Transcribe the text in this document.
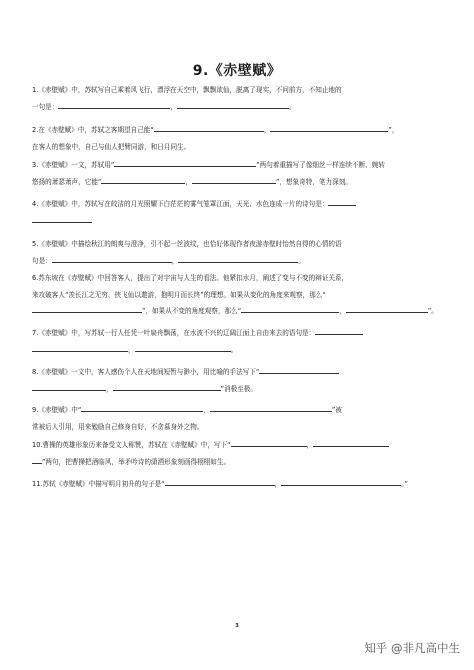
9.《赤壁赋》
1.《赤壁赋》中，苏轼写自己乘着风飞行，漂浮在天空中，飘飘欲仙，脱离了现实，不问前方，不知止地的
一句是：	，	。
2.在《赤壁赋》中，苏轼之客期望自己能“	，	”，
在客人的想象中，自己与仙人把臂同游，和日月同生。
3.《赤壁赋》一文，苏轼用“	”两句着重描写了像细丝一样连续不断、婉转
悠扬的萧瑟萧声，它能“	，	”，想象奇特，笔力深刻。
4.《赤壁赋》中，苏轼写在皎洁的月光照耀下白茫茫的雾气笼罩江面，天光、水色连成一片的诗句是：
5.《赤壁赋》中描绘秋江的朗爽与澄净，引不起一丝波纹，也恰好体现作者夜游赤壁时怡然自得的心情的语
句是：	，	。
6.苏东坡在《赤壁赋》中回答客人，提出了对宇宙与人生的看法。他紧扣水月，阐述了变与不变的辩证关系，
来攻破客人“羡长江之无穷，挟飞仙以遨游，抱明月而长终”的理想。如果从变化的角度来观察，那么“
”，如果从不变的角度观察，那么“	，	”。
7.《赤壁赋》中，写苏轼一行人任凭一叶扁舟飘荡，在水波不兴的辽阔江面上自由来去的语句是：
，	。
8.《赤壁赋》一文中，客人感伤个人在天地间短暂与渺小，用比喻的手法写下“
，	”消极至极。
9.《赤壁赋》中“	，	”被
常被后人引用，用来勉励自己修身自好，不贪慕身外之物。
10.曹操的英雄形象历来备受文人称赞，苏轼在《赤壁赋》中，写下“	，
”两句，把曹操把酒临风，举矛吟诗的潇洒形象刻画得栩栩如生。
11.苏轼《赤壁赋》中描写明月初升的句子是“	，	。”
3
知乎 @非凡高中生
